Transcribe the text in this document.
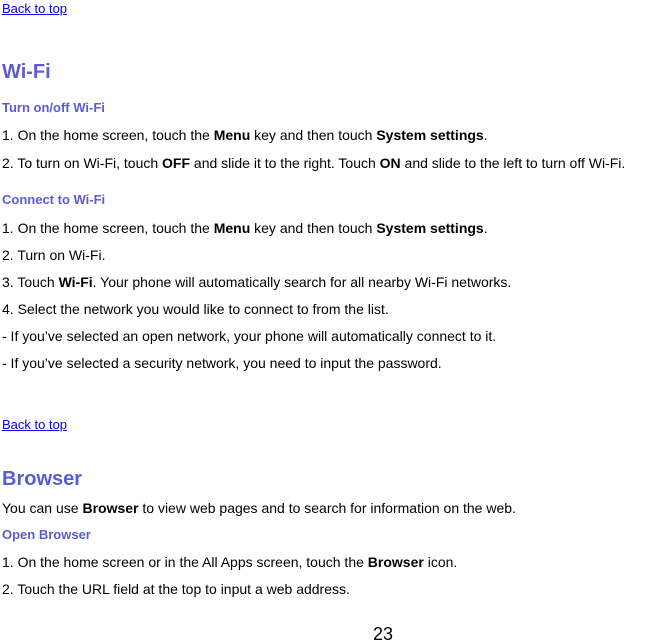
Back to top
Wi-Fi
Turn on/off Wi-Fi
1. On the home screen, touch the Menu key and then touch System settings.
2. To turn on Wi-Fi, touch OFF and slide it to the right. Touch ON and slide to the left to turn off Wi-Fi.
Connect to Wi-Fi
1. On the home screen, touch the Menu key and then touch System settings.
2. Turn on Wi-Fi.
3. Touch Wi-Fi. Your phone will automatically search for all nearby Wi-Fi networks.
4. Select the network you would like to connect to from the list.
- If you’ve selected an open network, your phone will automatically connect to it.
- If you’ve selected a security network, you need to input the password.
Back to top
Browser
You can use Browser to view web pages and to search for information on the web.
Open Browser
1. On the home screen or in the All Apps screen, touch the Browser icon.
2. Touch the URL field at the top to input a web address.
23
